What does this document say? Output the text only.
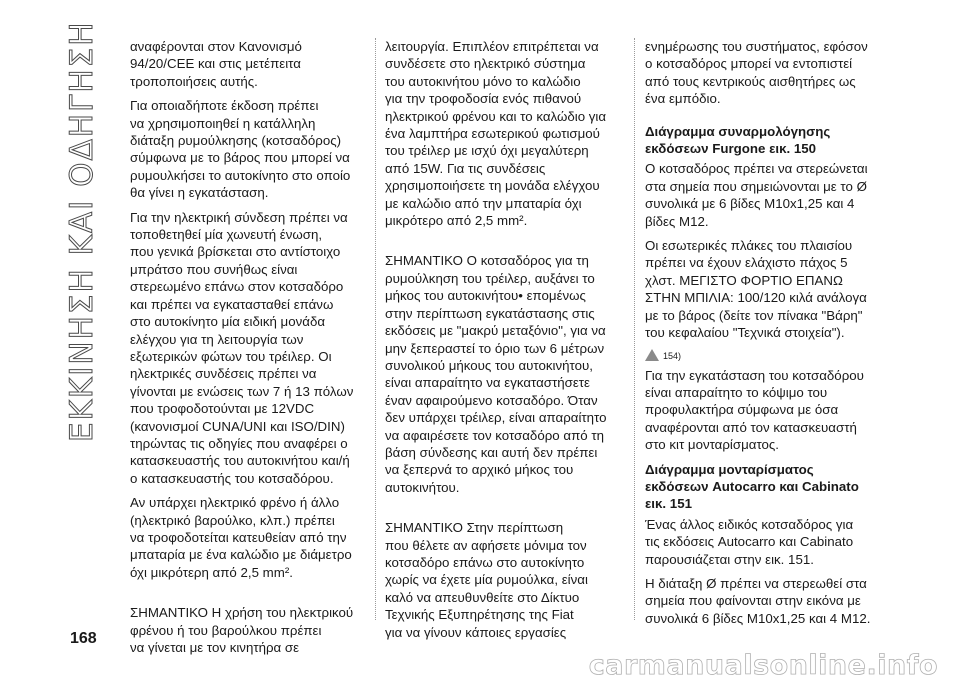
ΕΚΚΙΝΗΣΗ ΚΑΙ ΟΔΗΓΗΣΗ αναφέρονται στον Κανονισμό
94/20/CEE και στις μετέπειτα
τροποποιήσεις αυτής.

Για οποιαδήποτε έκδοση πρέπει
να χρησιμοποιηθεί η κατάλληλη
διάταξη ρυμούλκησης (κοτσαδόρος)
σύμφωνα με το βάρος που μπορεί να
ρυμουλκήσει το αυτοκίνητο στο οποίο
θα γίνει η εγκατάσταση.

Για την ηλεκτρική σύνδεση πρέπει να
τοποθετηθεί μία χωνευτή ένωση,
που γενικά βρίσκεται στο αντίστοιχο
μπράτσο που συνήθως είναι
στερεωμένο επάνω στον κοτσαδόρο
και πρέπει να εγκατασταθεί επάνω
στο αυτοκίνητο μία ειδική μονάδα
ελέγχου για τη λειτουργία των
εξωτερικών φώτων του τρέιλερ. Οι
ηλεκτρικές συνδέσεις πρέπει να
γίνονται με ενώσεις των 7 ή 13 πόλων
που τροφοδοτούνται με 12VDC
(κανονισμοί CUNA/UNI και ISO/DIN)
τηρώντας τις οδηγίες που αναφέρει ο
κατασκευαστής του αυτοκινήτου και/ή
ο κατασκευαστής του κοτσαδόρου.

Αν υπάρχει ηλεκτρικό φρένο ή άλλο
(ηλεκτρικό βαρούλκο, κλπ.) πρέπει
να τροφοδοτείται κατευθείαν από την
μπαταρία με ένα καλώδιο με διάμετρο
όχι μικρότερη από 2,5 mm².

ΣΗΜΑΝΤΙΚΟ Η χρήση του ηλεκτρικού
φρένου ή του βαρούλκου πρέπει
να γίνεται με τον κινητήρα σε

λειτουργία. Επιπλέον επιτρέπεται να
συνδέσετε στο ηλεκτρικό σύστημα
του αυτοκινήτου μόνο το καλώδιο
για την τροφοδοσία ενός πιθανού
ηλεκτρικού φρένου και το καλώδιο για
ένα λαμπτήρα εσωτερικού φωτισμού
του τρέιλερ με ισχύ όχι μεγαλύτερη
από 15W. Για τις συνδέσεις
χρησιμοποιήσετε τη μονάδα ελέγχου
με καλώδιο από την μπαταρία όχι
μικρότερο από 2,5 mm².

ΣΗΜΑΝΤΙΚΟ Ο κοτσαδόρος για τη
ρυμούλκηση του τρέιλερ, αυξάνει το
μήκος του αυτοκινήτου• επομένως
στην περίπτωση εγκατάστασης στις
εκδόσεις με "μακρύ μεταξόνιο", για να
μην ξεπεραστεί το όριο των 6 μέτρων
συνολικού μήκους του αυτοκινήτου,
είναι απαραίτητο να εγκαταστήσετε
έναν αφαιρούμενο κοτσαδόρο. Όταν
δεν υπάρχει τρέιλερ, είναι απαραίτητο
να αφαιρέσετε τον κοτσαδόρο από τη
βάση σύνδεσης και αυτή δεν πρέπει
να ξεπερνά το αρχικό μήκος του
αυτοκινήτου.

ΣΗΜΑΝΤΙΚΟ Στην περίπτωση
που θέλετε αν αφήσετε μόνιμα τον
κοτσαδόρο επάνω στο αυτοκίνητο
χωρίς να έχετε μία ρυμούλκα, είναι
καλό να απευθυνθείτε στο Δίκτυο
Τεχνικής Εξυπηρέτησης της Fiat
για να γίνουν κάποιες εργασίες

ενημέρωσης του συστήματος, εφόσον
ο κοτσαδόρος μπορεί να εντοπιστεί
από τους κεντρικούς αισθητήρες ως
ένα εμπόδιο.

Διάγραμμα συναρμολόγησης
εκδόσεων Furgone εικ. 150

Ο κοτσαδόρος πρέπει να στερεώνεται
στα σημεία που σημειώνονται με το Ø
συνολικά με 6 βίδες M10x1,25 και 4
βίδες M12.

Οι εσωτερικές πλάκες του πλαισίου
πρέπει να έχουν ελάχιστο πάχος 5
χλστ. ΜΕΓΙΣΤΟ ΦΟΡΤΙΟ ΕΠΑΝΩ
ΣΤΗΝ ΜΠΙΛΙΑ: 100/120 κιλά ανάλογα
με το βάρος (δείτε τον πίνακα "Βάρη"
του κεφαλαίου "Τεχνικά στοιχεία").

154)

Για την εγκατάσταση του κοτσαδόρου
είναι απαραίτητο το κόψιμο του
προφυλακτήρα σύμφωνα με όσα
αναφέρονται από τον κατασκευαστή
στο κιτ μονταρίσματος.

Διάγραμμα μονταρίσματος
εκδόσεων Autocarro και Cabinato
εικ. 151

Ένας άλλος ειδικός κοτσαδόρος για
τις εκδόσεις Autocarro και Cabinato
παρουσιάζεται στην εικ. 151.

Η διάταξη Ø πρέπει να στερεωθεί στα
σημεία που φαίνονται στην εικόνα με
συνολικά 6 βίδες M10x1,25 και 4 M12.

168
carmanualsonline.info
